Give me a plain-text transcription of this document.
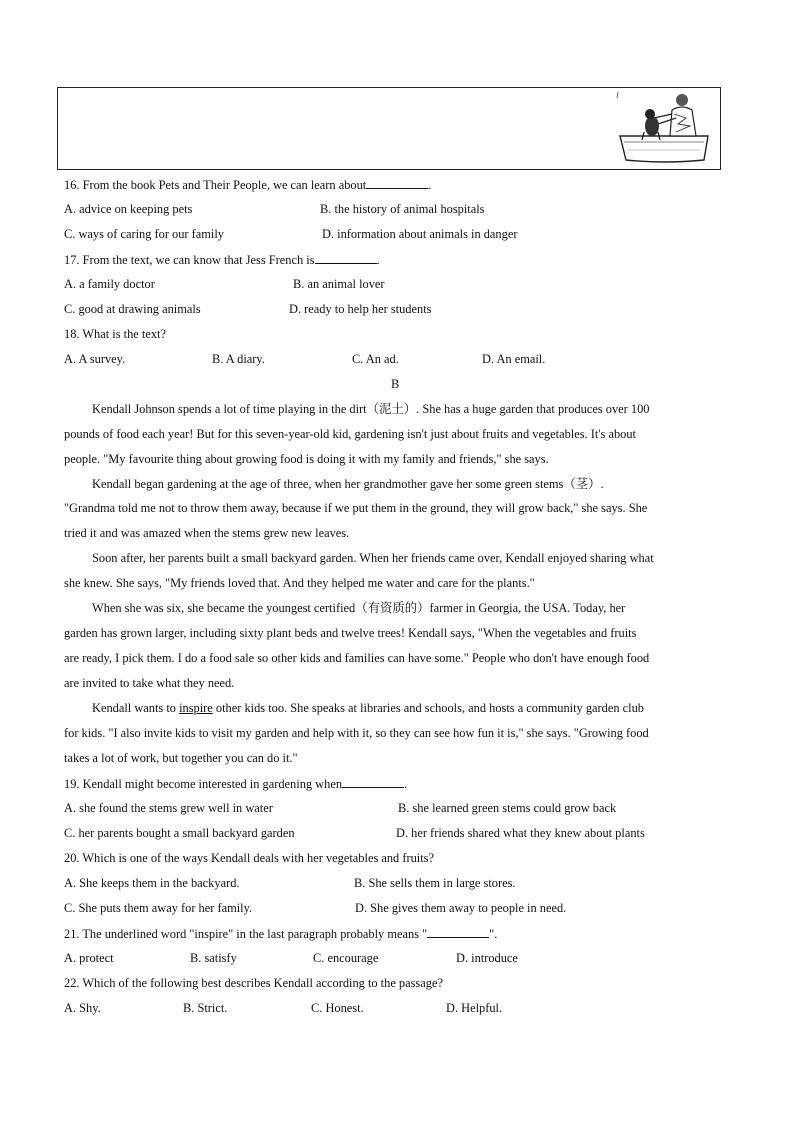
16. From the book Pets and Their People, we can learn about	.
A. advice on keeping pets	B. the history of animal hospitals
C. ways of caring for our family	D. information about animals in danger
17. From the text, we can know that Jess French is	.
A. a family doctor	B. an animal lover
C. good at drawing animals	D. ready to help her students
18. What is the text?
A. A survey.	B. A diary.	C. An ad.	D. An email.
B
Kendall Johnson spends a lot of time playing in the dirt（泥土）. She has a huge garden that produces over 100
pounds of food each year! But for this seven-year-old kid, gardening isn't just about fruits and vegetables. It's about
people. "My favourite thing about growing food is doing it with my family and friends," she says.
Kendall began gardening at the age of three, when her grandmother gave her some green stems（茎）.
"Grandma told me not to throw them away, because if we put them in the ground, they will grow back," she says. She
tried it and was amazed when the stems grew new leaves.
Soon after, her parents built a small backyard garden. When her friends came over, Kendall enjoyed sharing what
she knew. She says, "My friends loved that. And they helped me water and care for the plants."
When she was six, she became the youngest certified（有资质的）farmer in Georgia, the USA. Today, her
garden has grown larger, including sixty plant beds and twelve trees! Kendall says, "When the vegetables and fruits
are ready, I pick them. I do a food sale so other kids and families can have some." People who don't have enough food
are invited to take what they need.
Kendall wants to inspire other kids too. She speaks at libraries and schools, and hosts a community garden club
for kids. "I also invite kids to visit my garden and help with it, so they can see how fun it is," she says. "Growing food
takes a lot of work, but together you can do it."
19. Kendall might become interested in gardening when	.
A. she found the stems grew well in water	B. she learned green stems could grow back
C. her parents bought a small backyard garden	D. her friends shared what they knew about plants
20. Which is one of the ways Kendall deals with her vegetables and fruits?
A. She keeps them in the backyard.	B. She sells them in large stores.
C. She puts them away for her family.	D. She gives them away to people in need.
21. The underlined word "inspire" in the last paragraph probably means "	".
A. protect	B. satisfy	C. encourage	D. introduce
22. Which of the following best describes Kendall according to the passage?
A. Shy.	B. Strict.	C. Honest.	D. Helpful.
